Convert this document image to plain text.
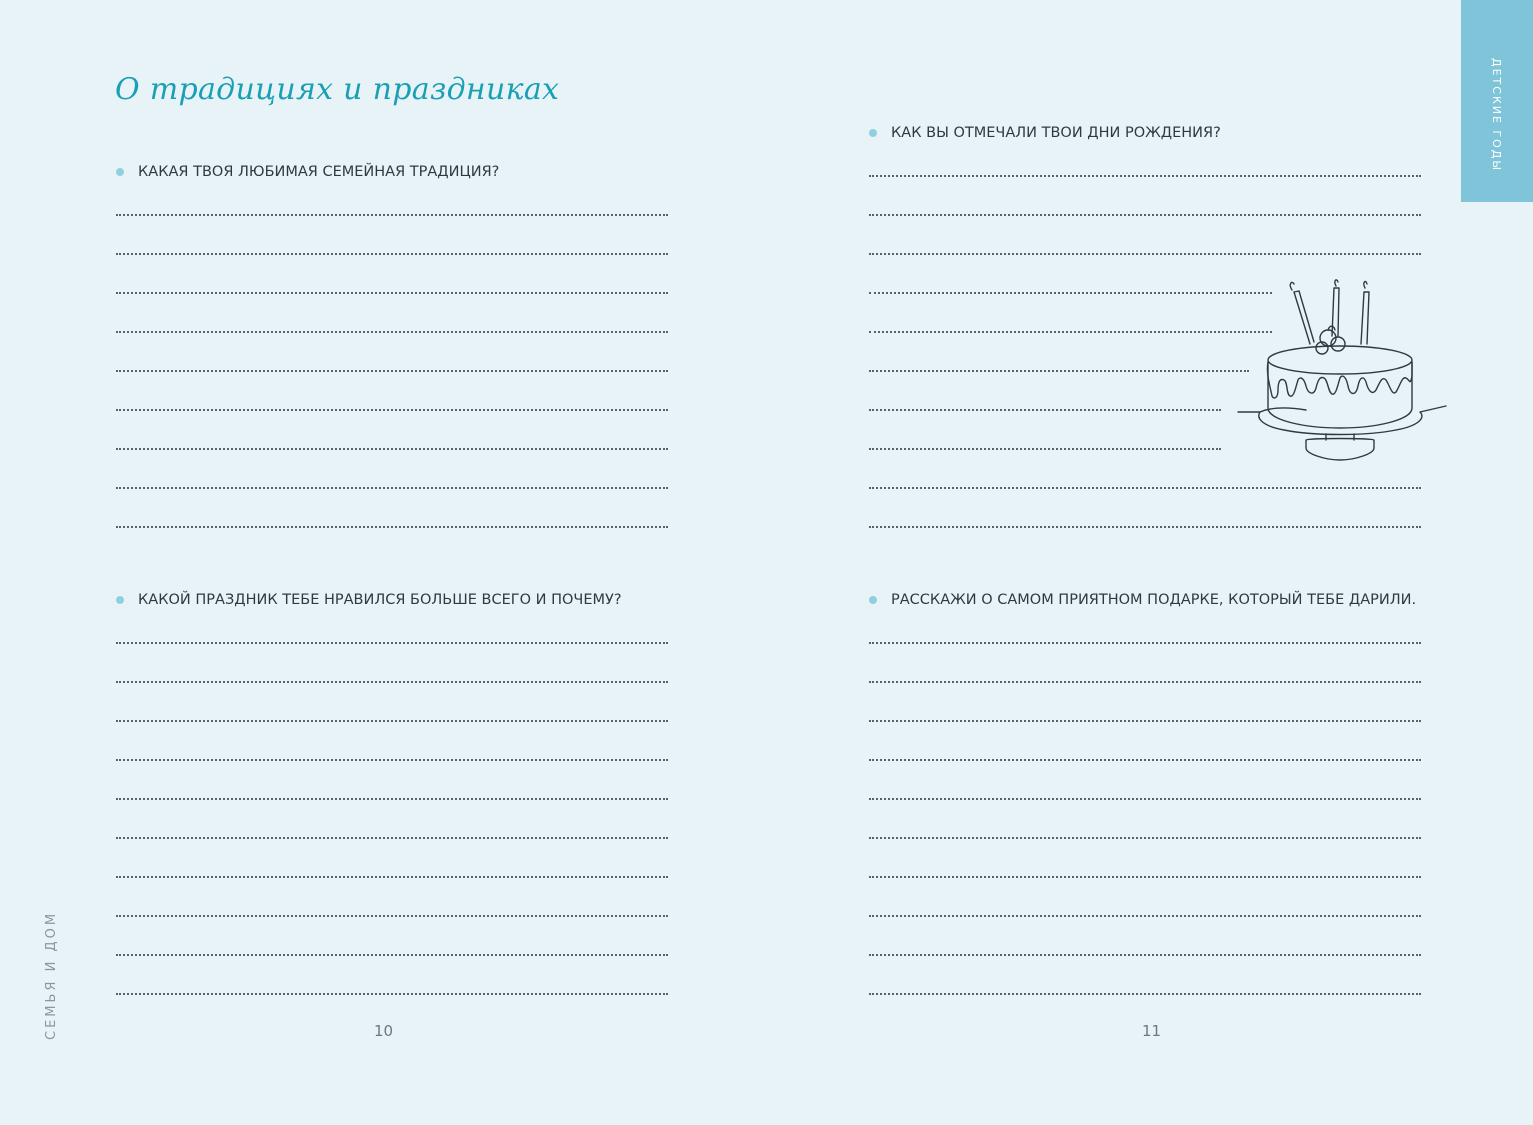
О традициях и праздниках
КАКАЯ ТВОЯ ЛЮБИМАЯ СЕМЕЙНАЯ ТРАДИЦИЯ?
КАКОЙ ПРАЗДНИК ТЕБЕ НРАВИЛСЯ БОЛЬШЕ ВСЕГО И ПОЧЕМУ?
СЕМЬЯ И ДОМ	10
КАК ВЫ ОТМЕЧАЛИ ТВОИ ДНИ РОЖДЕНИЯ?
РАССКАЖИ О САМОМ ПРИЯТНОМ ПОДАРКЕ, КОТОРЫЙ ТЕБЕ ДАРИЛИ.
11
ДЕТСКИЕ ГОДЫ
